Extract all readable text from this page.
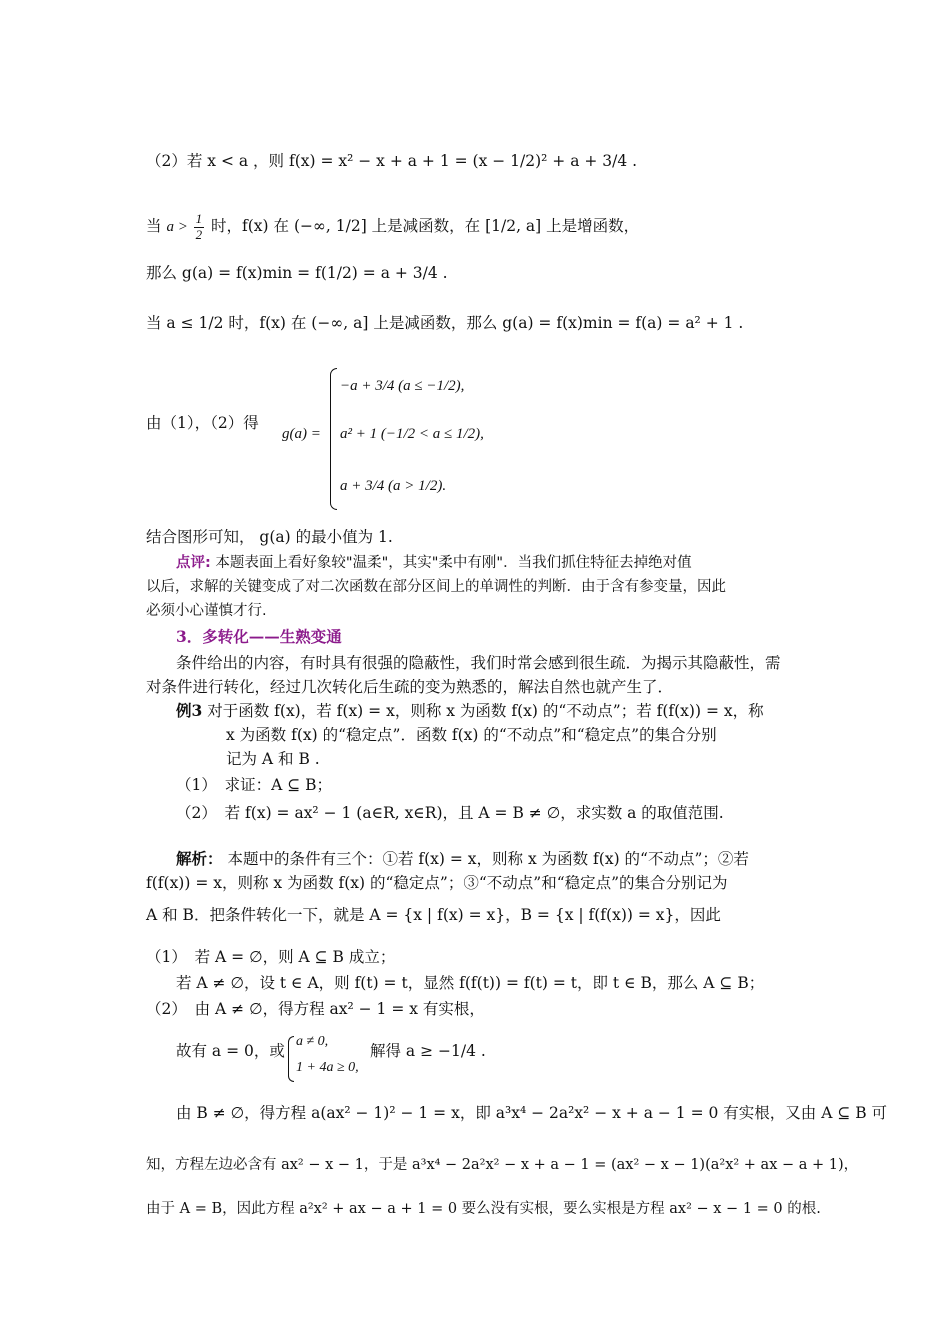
（2）若 x < a ，则 f(x) = x² − x + a + 1 = (x − 1/2)² + a + 3/4 .
当 $a > \frac{1}{2}$ 时，f(x) 在 (−∞, 1/2] 上是减函数，在 [1/2, a] 上是增函数，
那么 g(a) = f(x)min = f(1/2) = a + 3/4 .
当 a ≤ 1/2 时，f(x) 在 (−∞, a] 上是减函数，那么 g(a) = f(x)min = f(a) = a² + 1 .
由（1），（2）得
g(a) =
−a + 3/4 (a ≤ −1/2),
a² + 1 (−1/2 < a ≤ 1/2),
a + 3/4 (a > 1/2).
结合图形可知， g(a) 的最小值为 1.
点评: 本题表面上看好象较"温柔"，其实"柔中有刚"．当我们抓住特征去掉绝对值
以后，求解的关键变成了对二次函数在部分区间上的单调性的判断．由于含有参变量，因此
必须小心谨慎才行.
3．多转化——生熟变通
条件给出的内容，有时具有很强的隐蔽性，我们时常会感到很生疏．为揭示其隐蔽性，需
对条件进行转化，经过几次转化后生疏的变为熟悉的，解法自然也就产生了．
例3 对于函数 f(x)，若 f(x) = x，则称 x 为函数 f(x) 的“不动点”；若 f(f(x)) = x，称
x 为函数 f(x) 的“稳定点”．函数 f(x) 的“不动点”和“稳定点”的集合分别
记为 A 和 B .
（1）　求证：A ⊆ B；
（2）　若 f(x) = ax² − 1 (a∈R, x∈R)，且 A = B ≠ ∅，求实数 a 的取值范围.
解析： 本题中的条件有三个：①若 f(x) = x，则称 x 为函数 f(x) 的“不动点”；②若
f(f(x)) = x，则称 x 为函数 f(x) 的“稳定点”；③“不动点”和“稳定点”的集合分别记为
A 和 B．把条件转化一下，就是 A = {x | f(x) = x}，B = {x | f(f(x)) = x}，因此
（1）　若 A = ∅，则 A ⊆ B 成立；
若 A ≠ ∅，设 t ∈ A，则 f(t) = t，显然 f(f(t)) = f(t) = t，即 t ∈ B，那么 A ⊆ B；
（2）　由 A ≠ ∅，得方程 ax² − 1 = x 有实根，
故有 a = 0，或
a ≠ 0,
1 + 4a ≥ 0,
解得 a ≥ −1/4 .
由 B ≠ ∅，得方程 a(ax² − 1)² − 1 = x，即 a³x⁴ − 2a²x² − x + a − 1 = 0 有实根，又由 A ⊆ B 可
知，方程左边必含有 ax² − x − 1，于是 a³x⁴ − 2a²x² − x + a − 1 = (ax² − x − 1)(a²x² + ax − a + 1)，
由于 A = B，因此方程 a²x² + ax − a + 1 = 0 要么没有实根，要么实根是方程 ax² − x − 1 = 0 的根.
